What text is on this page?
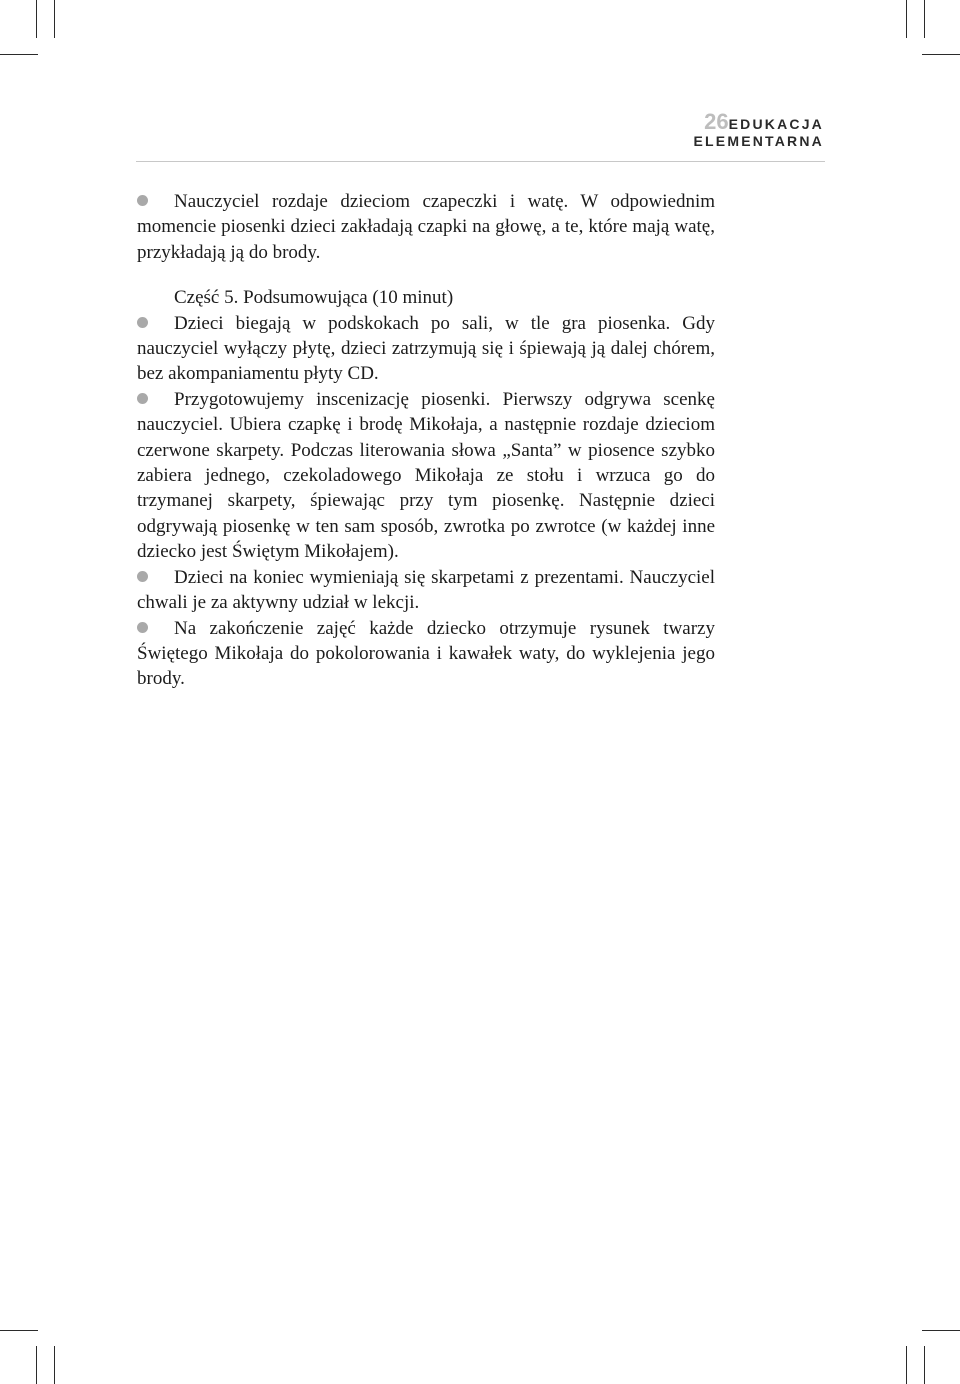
26EDUKACJA
ELEMENTARNA

Nauczyciel rozdaje dzieciom czapeczki i watę. W odpowiednim momencie piosenki dzieci zakładają czapki na głowę, a te, które mają watę, przykładają ją do brody.

Część 5. Podsumowująca (10 minut)

Dzieci biegają w podskokach po sali, w tle gra piosenka. Gdy nauczyciel wyłączy płytę, dzieci zatrzymują się i śpiewają ją dalej chórem, bez akompaniamentu płyty CD.

Przygotowujemy inscenizację piosenki. Pierwszy odgrywa scenkę nauczyciel. Ubiera czapkę i brodę Mikołaja, a następnie rozdaje dzieciom czerwone skarpety. Podczas literowania słowa „Santa” w piosence szybko zabiera jednego, czekoladowego Mikołaja ze stołu i wrzuca go do trzymanej skarpety, śpiewając przy tym piosenkę. Następnie dzieci odgrywają piosenkę w ten sam sposób, zwrotka po zwrotce (w każdej inne dziecko jest Świętym Mikołajem).

Dzieci na koniec wymieniają się skarpetami z prezentami. Nauczyciel chwali je za aktywny udział w lekcji.

Na zakończenie zajęć każde dziecko otrzymuje rysunek twarzy Świętego Mikołaja do pokolorowania i kawałek waty, do wyklejenia jego brody.
